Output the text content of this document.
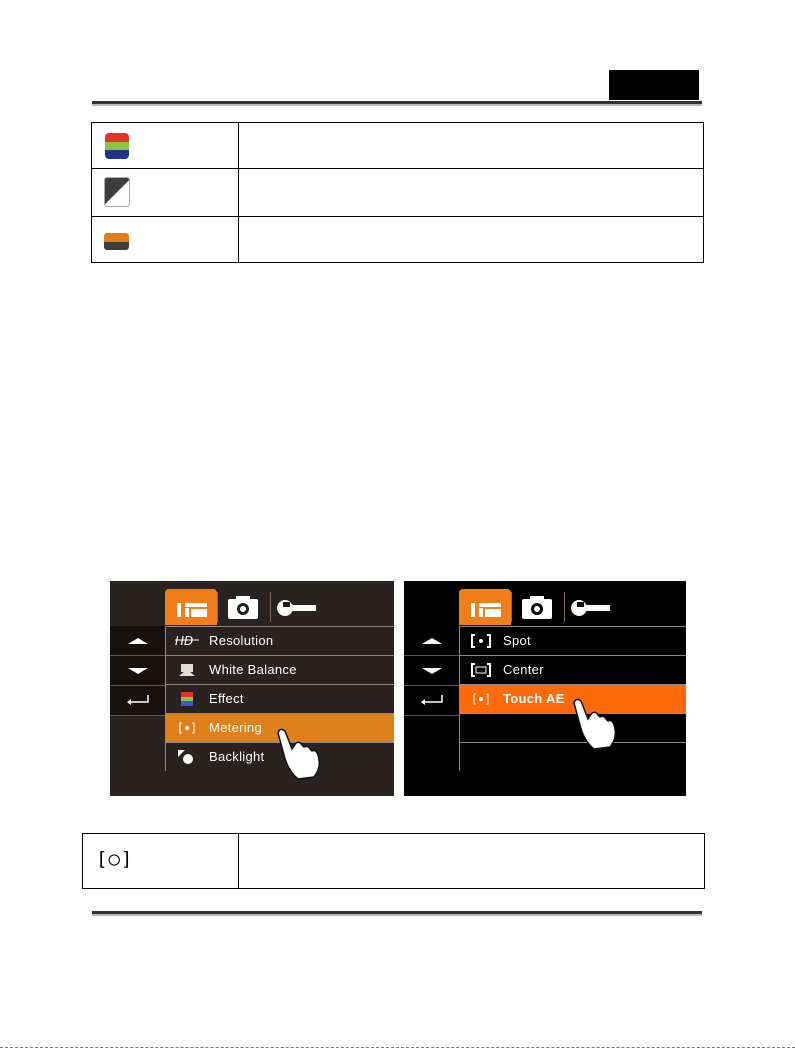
HD Resolution
White Balance
Effect
Metering
Backlight
Spot
Center
Touch AE
[○]
